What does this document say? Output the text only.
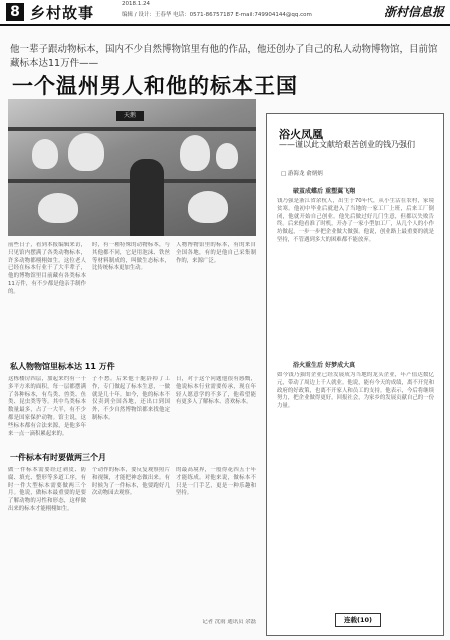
8 乡村故事	2018.1.24
编辑 / 设计：王春华 电话：0571-86757187 E-mail:749904144@qq.com	浙村信息报
他一辈子跟动物标本，国内不少自然博物馆里有他的作品，他还创办了自己的私人动物博物馆，目前馆藏标本达11万件——
一个温州男人和他的标本王国
天鹅
前些日子，看到本报编辑来访，只见馆内摆满了各类动物标本，许多动物都栩栩如生。这位老人已经在标本行业干了大半辈子，他的博物馆里目前藏有各类标本11万件，有不少都是他亲手制作的。
时，有一種特殊的动物标本，与其他都不同，它是用泡沫、铁丝等材料制成的，叫做生态标本，比传统标本更加生动。
人物博物馆里的标本，有的来自全国各地，有的是他自己采集制作的，来源广泛。
私人物物馆里标本达 11 万件
这栋楼房四层，加起来约有一千多平方米的面积，每一层都摆满了各种标本，有鸟类、兽类、鱼类、昆虫类等等。其中鸟类标本数量最多，占了一大半，有不少都是国家保护动物。馆主说，这些标本都有合法来源，是他多年来一点一滴积累起来的。
子不愁。后来他干脆辞掉了工作，专门做起了标本生意，一做就是几十年。如今，他的标本不仅卖到全国各地，还出口到国外，不少自然博物馆都来找他定制标本。
日，对于这个问题他很有感慨，他说标本行业需要传承，现在年轻人愿意学的不多了，他希望能有更多人了解标本、喜欢标本。
一件标本有时要做两三个月
做一件标本需要经过剥皮、防腐、填充、整形等多道工序，有时一件大型标本需要做两三个月。他说，做标本最重要的是要了解动物的习性和形态，这样做出来的标本才能栩栩如生。
个动作的标本，要反复观察照片和视频，才能把神态做出来。有时候为了一件标本，他要跑好几次动物园去观察。
的最高境界，一般得花四五十年才能练成。对他来说，做标本不只是一门手艺，更是一种乐趣和坚持。
记者 沈雨 通讯员 余磊
浴火凤凰
——谨以此文献给艰苦创业的钱乃强们
□ 游海龙 俞炳炳
破茧成蝶后 重塑翼飞翔
钱乃强是浙江省余杭人，出生于70年代，从小生活在农村，家境贫寒。他初中毕业后就进入了当地的一家工厂上班，后来工厂倒闭，他就开始自己创业。他先后做过好几门生意，但都以失败告终。后来他看准了时机，开办了一家小型加工厂，从几个人的小作坊做起，一步一步把企业做大做强。他说，创业路上最重要的就是坚持，不管遇到多大的困难都不能放弃。
浴火重生后 好梦成大真
如今钱乃强的企业已经发展成为当地的龙头企业，年产值达数亿元，带动了周边上千人就业。他说，能有今天的成绩，离不开党和政府的好政策，也离不开家人和员工的支持。他表示，今后将继续努力，把企业做得更好，回报社会，为家乡的发展贡献自己的一份力量。
连载(10)
